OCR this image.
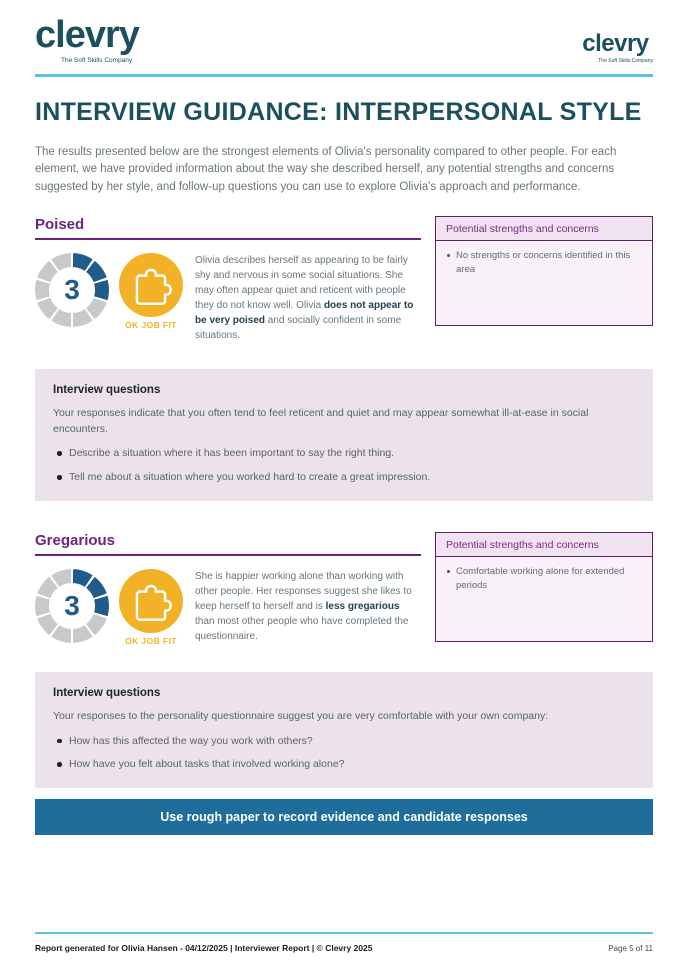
clevry
The Soft Skills Company
clevry
The Soft Skills Company
INTERVIEW GUIDANCE: INTERPERSONAL STYLE

The results presented below are the strongest elements of Olivia's personality compared to other people. For each element, we have provided information about the way she described herself, any potential strengths and concerns suggested by her style, and follow-up questions you can use to explore Olivia's approach and performance.

Poised
3
OK JOB FIT
Olivia describes herself as appearing to be fairly shy and nervous in some social situations. She may often appear quiet and reticent with people they do not know well. Olivia does not appear to be very poised and socially confident in some situations.
Potential strengths and concerns
No strengths or concerns identified in this area
Interview questions
Your responses indicate that you often tend to feel reticent and quiet and may appear somewhat ill-at-ease in social encounters.
Describe a situation where it has been important to say the right thing.
Tell me about a situation where you worked hard to create a great impression.
Gregarious
3
OK JOB FIT
She is happier working alone than working with other people. Her responses suggest she likes to keep herself to herself and is less gregarious than most other people who have completed the questionnaire.
Potential strengths and concerns
Comfortable working alone for extended periods
Interview questions
Your responses to the personality questionnaire suggest you are very comfortable with your own company:
How has this affected the way you work with others?
How have you felt about tasks that involved working alone?
Use rough paper to record evidence and candidate responses
Report generated for Olivia Hansen - 04/12/2025 | Interviewer Report | © Clevry 2025	Page 5 of 11
